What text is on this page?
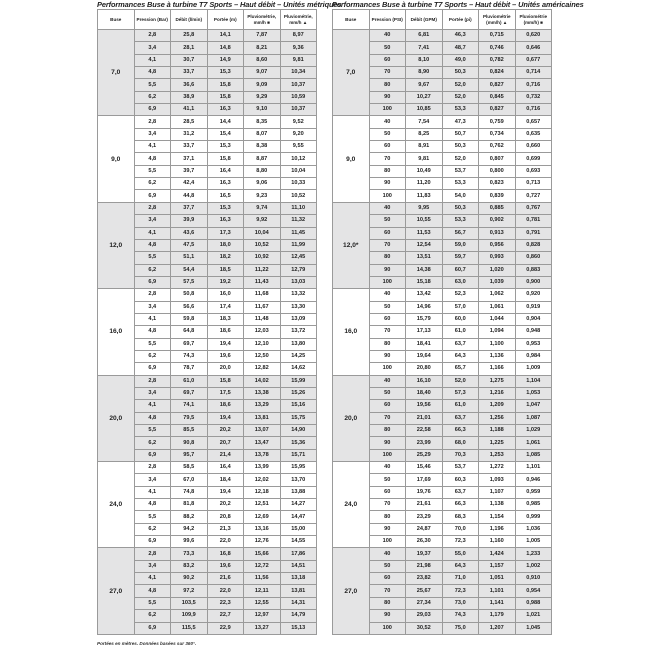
Performances Buse à turbine T7 Sports – Haut débit – Unités métriques
Buse	Pression (Bar)	Débit (l/min)	Portée (m)	Pluviométrie, mm/h ■	Pluviométrie, mm/h ▲
7,0	2,8	25,8	14,1	7,87	8,97
	3,4	28,1	14,8	8,21	9,36
	4,1	30,7	14,9	8,60	9,81
	4,8	33,7	15,3	9,07	10,34
	5,5	36,6	15,8	9,09	10,37
	6,2	38,9	15,8	9,29	10,59
	6,9	41,1	16,3	9,10	10,37
9,0	2,8	28,5	14,4	8,35	9,52
	3,4	31,2	15,4	8,07	9,20
	4,1	33,7	15,3	8,38	9,55
	4,8	37,1	15,8	8,87	10,12
	5,5	39,7	16,4	8,80	10,04
	6,2	42,4	16,3	9,06	10,33
	6,9	44,8	16,5	9,23	10,52
12,0	2,8	37,7	15,3	9,74	11,10
	3,4	39,9	16,3	9,92	11,32
	4,1	43,6	17,3	10,04	11,45
	4,8	47,5	18,0	10,52	11,99
	5,5	51,1	18,2	10,92	12,45
	6,2	54,4	18,5	11,22	12,79
	6,9	57,5	19,2	11,43	13,03
16,0	2,8	50,8	16,0	11,68	13,32
	3,4	56,6	17,4	11,67	13,30
	4,1	59,8	18,3	11,48	13,09
	4,8	64,8	18,6	12,03	13,72
	5,5	69,7	19,4	12,10	13,80
	6,2	74,3	19,6	12,50	14,25
	6,9	78,7	20,0	12,82	14,62
20,0	2,8	61,0	15,8	14,02	15,99
	3,4	69,7	17,5	13,38	15,26
	4,1	74,1	18,6	13,29	15,16
	4,8	79,5	19,4	13,81	15,75
	5,5	85,5	20,2	13,07	14,90
	6,2	90,8	20,7	13,47	15,36
	6,9	95,7	21,4	13,78	15,71
24,0	2,8	58,5	16,4	13,99	15,95
	3,4	67,0	18,4	12,02	13,70
	4,1	74,8	19,4	12,18	13,88
	4,8	81,8	20,2	12,51	14,27
	5,5	88,2	20,8	12,69	14,47
	6,2	94,2	21,3	13,16	15,00
	6,9	99,6	22,0	12,76	14,55
27,0	2,8	73,3	16,8	15,66	17,86
	3,4	83,2	19,6	12,72	14,51
	4,1	90,2	21,6	11,56	13,18
	4,8	97,2	22,0	12,11	13,81
	5,5	103,5	22,3	12,55	14,31
	6,2	109,9	22,7	12,97	14,79
	6,9	115,5	22,9	13,27	15,13
Performances Buse à turbine T7 Sports – Haut débit – Unités américaines
Buse	Pression (PSI)	Débit (GPM)	Portée (pi)	Pluviométrie (mm/h) ▲	Pluviométrie (mm/h) ■
7,0	40	6,81	46,3	0,715	0,620
	50	7,41	48,7	0,746	0,646
	60	8,10	49,0	0,782	0,677
	70	8,90	50,3	0,824	0,714
	80	9,67	52,0	0,827	0,716
	90	10,27	52,0	0,845	0,732
	100	10,85	53,3	0,827	0,716
9,0	40	7,54	47,3	0,759	0,657
	50	8,25	50,7	0,734	0,635
	60	8,91	50,3	0,762	0,660
	70	9,81	52,0	0,807	0,699
	80	10,49	53,7	0,800	0,693
	90	11,20	53,3	0,823	0,713
	100	11,83	54,0	0,839	0,727
12,0*	40	9,95	50,3	0,885	0,767
	50	10,55	53,3	0,902	0,781
	60	11,53	56,7	0,913	0,791
	70	12,54	59,0	0,956	0,828
	80	13,51	59,7	0,993	0,860
	90	14,38	60,7	1,020	0,883
	100	15,18	63,0	1,039	0,900
16,0	40	13,42	52,3	1,062	0,920
	50	14,96	57,0	1,061	0,919
	60	15,79	60,0	1,044	0,904
	70	17,13	61,0	1,094	0,948
	80	18,41	63,7	1,100	0,953
	90	19,64	64,3	1,136	0,984
	100	20,80	65,7	1,166	1,009
20,0	40	16,10	52,0	1,275	1,104
	50	18,40	57,3	1,216	1,053
	60	19,56	61,0	1,209	1,047
	70	21,01	63,7	1,256	1,087
	80	22,58	66,3	1,188	1,029
	90	23,99	68,0	1,225	1,061
	100	25,29	70,3	1,253	1,085
24,0	40	15,46	53,7	1,272	1,101
	50	17,69	60,3	1,093	0,946
	60	19,76	63,7	1,107	0,959
	70	21,61	66,3	1,138	0,985
	80	23,29	68,3	1,154	0,999
	90	24,87	70,0	1,196	1,036
	100	26,30	72,3	1,160	1,005
27,0	40	19,37	55,0	1,424	1,233
	50	21,98	64,3	1,157	1,002
	60	23,82	71,0	1,051	0,910
	70	25,67	72,3	1,101	0,954
	80	27,34	73,0	1,141	0,988
	90	29,03	74,3	1,179	1,021
	100	30,52	75,0	1,207	1,045
Portées en mètres. Données basées sur 360°.
